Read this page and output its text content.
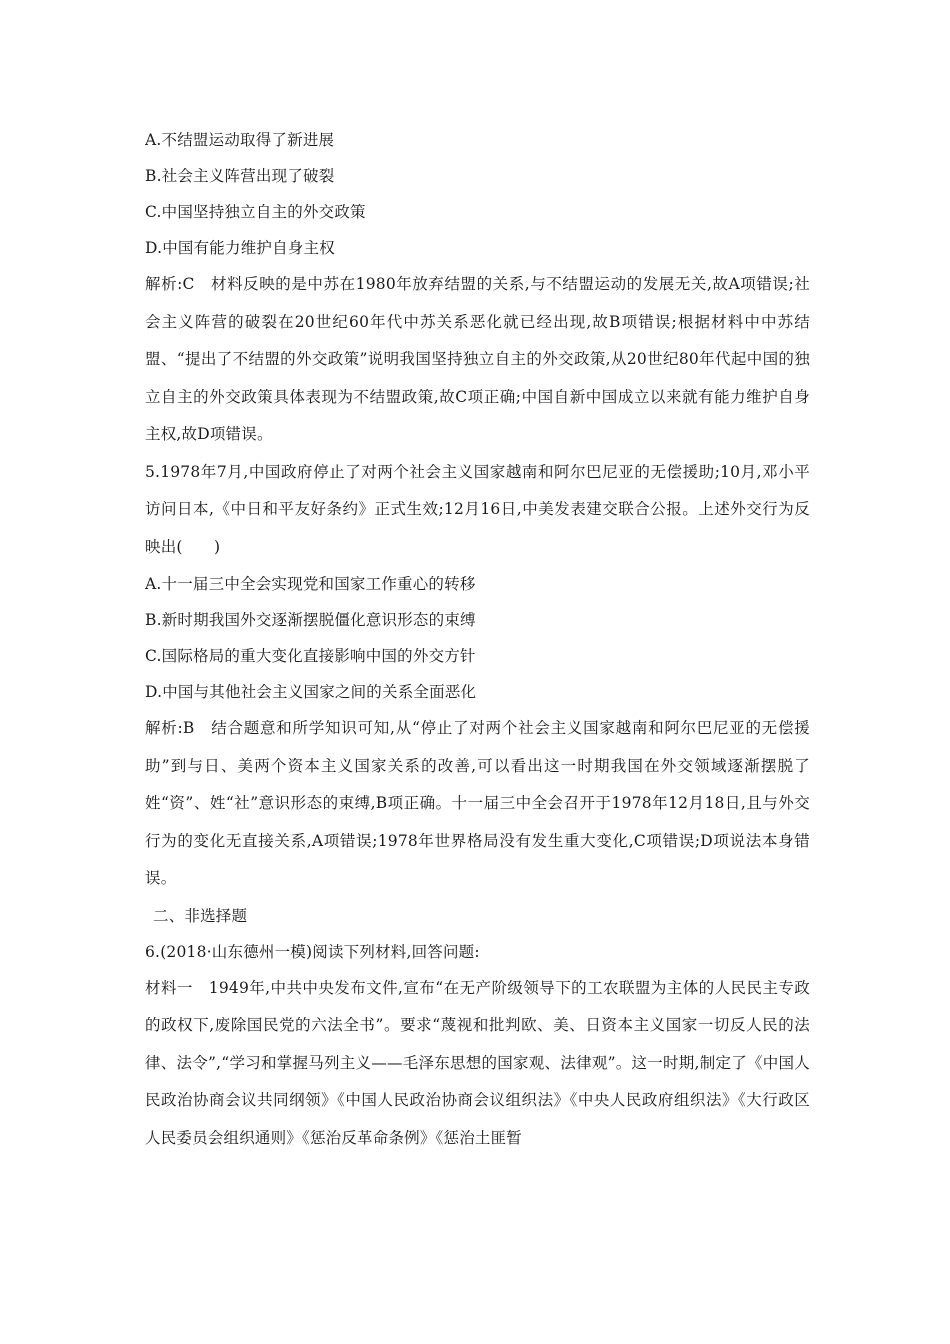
A.不结盟运动取得了新进展
B.社会主义阵营出现了破裂
C.中国坚持独立自主的外交政策
D.中国有能力维护自身主权
解析:C　材料反映的是中苏在1980年放弃结盟的关系,与不结盟运动的发展无关,故A项错误;社会主义阵营的破裂在20世纪60年代中苏关系恶化就已经出现,故B项错误;根据材料中中苏结盟、“提出了不结盟的外交政策”说明我国坚持独立自主的外交政策,从20世纪80年代起中国的独立自主的外交政策具体表现为不结盟政策,故C项正确;中国自新中国成立以来就有能力维护自身主权,故D项错误。
5.1978年7月,中国政府停止了对两个社会主义国家越南和阿尔巴尼亚的无偿援助;10月,邓小平访问日本,《中日和平友好条约》正式生效;12月16日,中美发表建交联合公报。上述外交行为反映出(　　)
A.十一届三中全会实现党和国家工作重心的转移
B.新时期我国外交逐渐摆脱僵化意识形态的束缚
C.国际格局的重大变化直接影响中国的外交方针
D.中国与其他社会主义国家之间的关系全面恶化
解析:B　结合题意和所学知识可知,从“停止了对两个社会主义国家越南和阿尔巴尼亚的无偿援助”到与日、美两个资本主义国家关系的改善,可以看出这一时期我国在外交领域逐渐摆脱了姓“资”、姓“社”意识形态的束缚,B项正确。十一届三中全会召开于1978年12月18日,且与外交行为的变化无直接关系,A项错误;1978年世界格局没有发生重大变化,C项错误;D项说法本身错误。
二、非选择题
6.(2018·山东德州一模)阅读下列材料,回答问题:
材料一　1949年,中共中央发布文件,宣布“在无产阶级领导下的工农联盟为主体的人民民主专政的政权下,废除国民党的六法全书”。要求“蔑视和批判欧、美、日资本主义国家一切反人民的法律、法令”,“学习和掌握马列主义——毛泽东思想的国家观、法律观”。这一时期,制定了《中国人民政治协商会议共同纲领》《中国人民政治协商会议组织法》《中央人民政府组织法》《大行政区人民委员会组织通则》《惩治反革命条例》《惩治土匪暂
